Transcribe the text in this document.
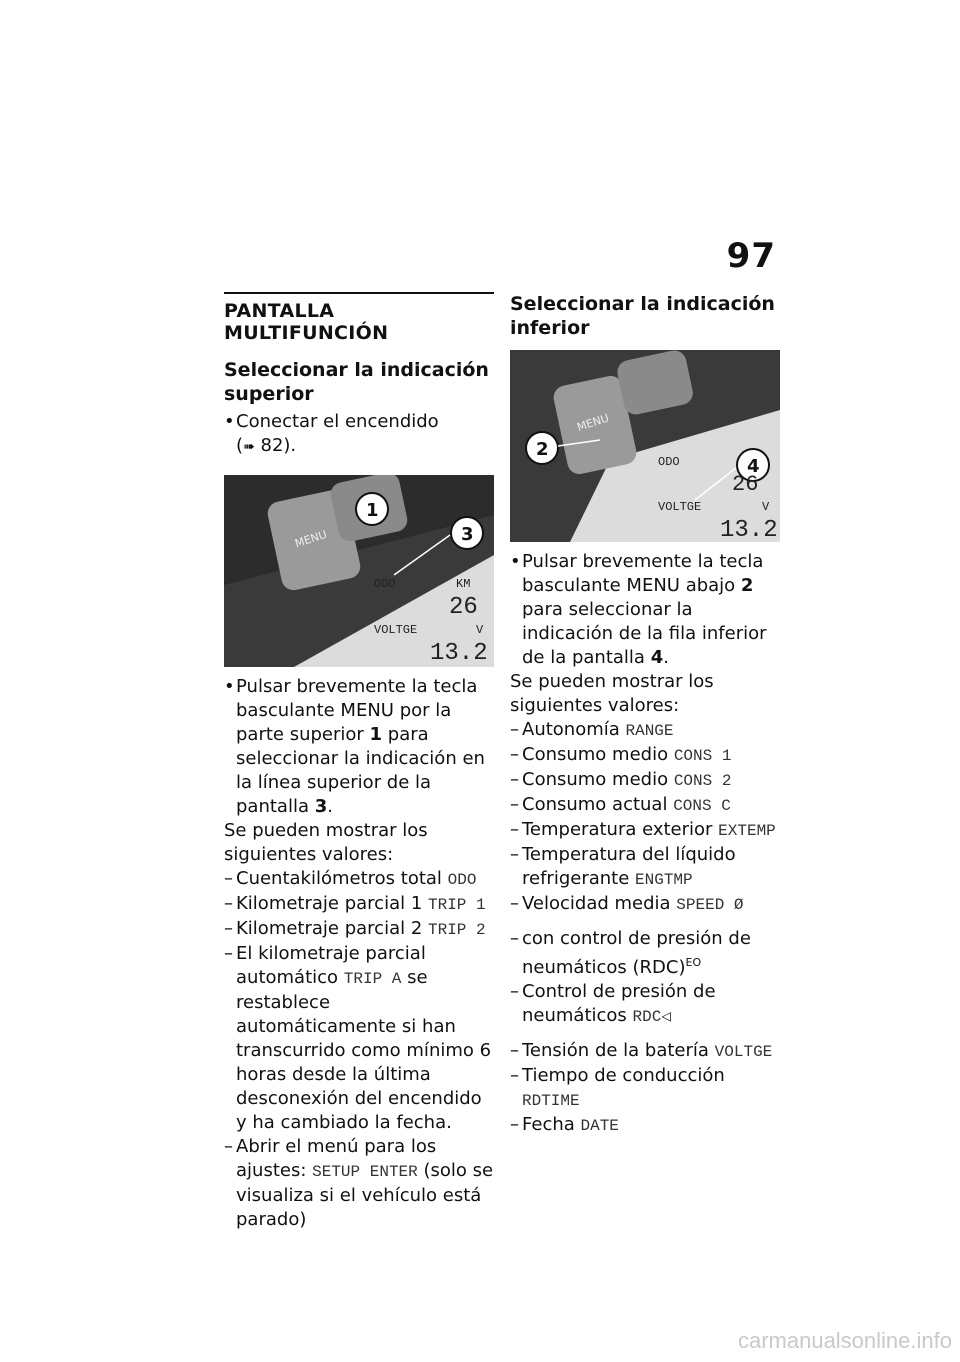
97
PANTALLA MULTIFUNCIÓN
Seleccionar la indicación superior
• Conectar el encendido
(➠ 82).
MENU
1
3
ODO	KM
26
VOLTGE	V
13.2
• Pulsar brevemente la tecla basculante MENU por la parte superior 1 para seleccionar la indicación en la línea superior de la pantalla 3.
Se pueden mostrar los siguientes valores:
– Cuentakilómetros total ODO
– Kilometraje parcial 1 TRIP 1
– Kilometraje parcial 2 TRIP 2
– El kilometraje parcial automático TRIP A se restablece automáticamente si han transcurrido como mínimo 6 horas desde la última desconexión del encendido y ha cambiado la fecha.
– Abrir el menú para los ajustes: SETUP ENTER (solo se visualiza si el vehículo está parado)
Seleccionar la indicación inferior
MENU
2
4
ODO
26
VOLTGE	V
13.2
• Pulsar brevemente la tecla basculante MENU abajo 2 para seleccionar la indicación de la fila inferior de la pantalla 4.
Se pueden mostrar los siguientes valores:
– Autonomía RANGE
– Consumo medio CONS 1
– Consumo medio CONS 2
– Consumo actual CONS C
– Temperatura exterior EXTEMP
– Temperatura del líquido refrigerante ENGTMP
– Velocidad media SPEED Ø
– con control de presión de neumáticos (RDC)$^{EO}$
– Control de presión de neumáticos RDC◁
– Tensión de la batería VOLTGE
– Tiempo de conducción RDTIME
– Fecha DATE
carmanualsonline.info
